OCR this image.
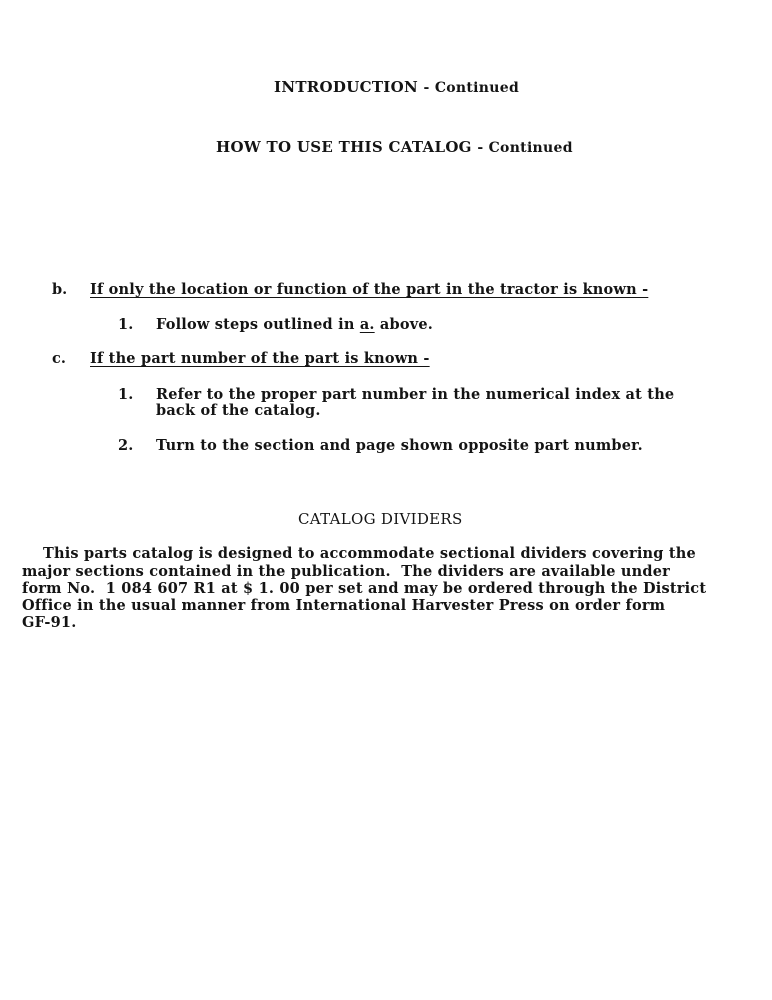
INTRODUCTION - Continued
HOW TO USE THIS CATALOG - Continued
b. If only the location or function of the part in the tractor is known -
1. Follow steps outlined in a. above.
c. If the part number of the part is known -
1. Refer to the proper part number in the numerical index at the
back of the catalog.
2. Turn to the section and page shown opposite part number.
CATALOG DIVIDERS
This parts catalog is designed to accommodate sectional dividers covering the
major sections contained in the publication.  The dividers are available under
form No.  1 084 607 R1 at $ 1. 00 per set and may be ordered through the District
Office in the usual manner from International Harvester Press on order form
GF-91.
